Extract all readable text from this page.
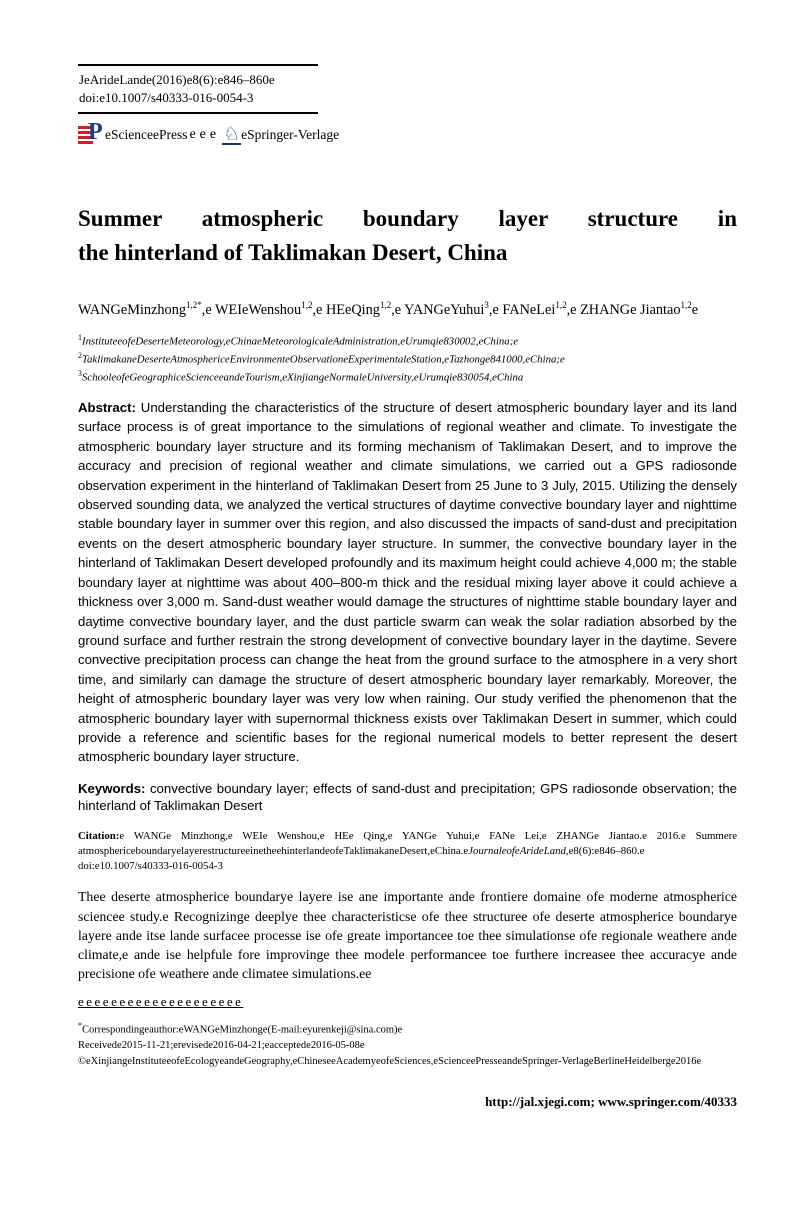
JeArideLande(2016)e8(6):e846–860e
doi:e10.1007/s40333-016-0054-3
P eScienceePress eee ♘ eSpringer-Verlage
Summer atmospheric boundary layer structure in
the hinterland of Taklimakan Desert, China
WANGeMinzhong$^{1,2*}$,e WEIeWenshou$^{1,2}$,e HEeQing$^{1,2}$,e YANGeYuhui$^3$,e FANeLei$^{1,2}$,e ZHANGe Jiantao$^{1,2}$e
$^1$InstituteeofeDeserteMeteorology,eChinaeMeteorologicaleAdministration,eUrumqie830002,eChina;e
$^2$TaklimakaneDeserteAtmosphericeEnvironmenteObservationeExperimentaleStation,eTazhonge841000,eChina;e
$^3$SchooleofeGeographiceScienceeandeTourism,eXinjiangeNormaleUniversity,eUrumqie830054,eChina

Abstract: Understanding the characteristics of the structure of desert atmospheric boundary layer and its land surface process is of great importance to the simulations of regional weather and climate. To investigate the atmospheric boundary layer structure and its forming mechanism of Taklimakan Desert, and to improve the accuracy and precision of regional weather and climate simulations, we carried out a GPS radiosonde observation experiment in the hinterland of Taklimakan Desert from 25 June to 3 July, 2015. Utilizing the densely observed sounding data, we analyzed the vertical structures of daytime convective boundary layer and nighttime stable boundary layer in summer over this region, and also discussed the impacts of sand-dust and precipitation events on the desert atmospheric boundary layer structure. In summer, the convective boundary layer in the hinterland of Taklimakan Desert developed profoundly and its maximum height could achieve 4,000 m; the stable boundary layer at nighttime was about 400–800-m thick and the residual mixing layer above it could achieve a thickness over 3,000 m. Sand-dust weather would damage the structures of nighttime stable boundary layer and daytime convective boundary layer, and the dust particle swarm can weak the solar radiation absorbed by the ground surface and further restrain the strong development of convective boundary layer in the daytime. Severe convective precipitation process can change the heat from the ground surface to the atmosphere in a very short time, and similarly can damage the structure of desert atmospheric boundary layer remarkably. Moreover, the height of atmospheric boundary layer was very low when raining. Our study verified the phenomenon that the atmospheric boundary layer with supernormal thickness exists over Taklimakan Desert in summer, which could provide a reference and scientific bases for the regional numerical models to better represent the desert atmospheric boundary layer structure.

Keywords: convective boundary layer; effects of sand-dust and precipitation; GPS radiosonde observation; the hinterland of Taklimakan Desert

Citation:e WANGe Minzhong,e WEIe Wenshou,e HEe Qing,e YANGe Yuhui,e FANe Lei,e ZHANGe Jiantao.e 2016.e Summere atmosphericeboundaryelayerestructureeinetheehinterlandeofeTaklimakaneDesert,eChina.eJournaleofeArideLand,e8(6):e846–860.e doi:e10.1007/s40333-016-0054-3

Thee deserte atmospherice boundarye layere ise ane importante ande frontiere domaine ofe moderne atmospherice sciencee study.e Recognizinge deeplye thee characteristicse ofe thee structuree ofe deserte atmospherice boundarye layere ande itse lande surfacee processe ise ofe greate importancee toe thee simulationse ofe regionale weathere ande climate,e ande ise helpfule fore improvinge thee modele performancee toe furthere increasee thee accuracye ande precisione ofe weathere ande climatee simulations.ee

eeeeeeeeeeeeeeeeeeee
*Correspondingeauthor:eWANGeMinzhonge(E-mail:eyurenkeji@sina.com)e
Receivede2015-11-21;erevisede2016-04-21;eacceptede2016-05-08e
©eXinjiangeInstituteeofeEcologyeandeGeography,eChineseeAcademyeofeSciences,eScienceePresseandeSpringer-VerlageBerlineHeidelberge2016e
http://jal.xjegi.com; www.springer.com/40333
